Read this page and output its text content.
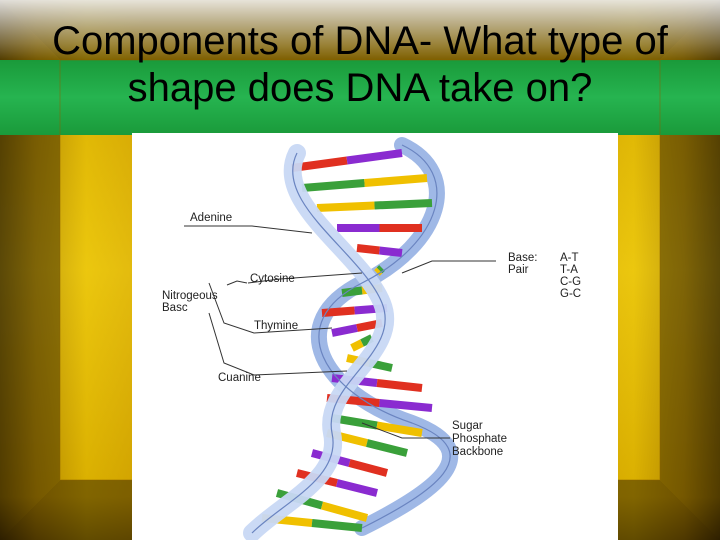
Components of DNA- What type of shape does DNA take on?
Adenine
Cytosine
Nitrogeous
Basc
Thymine
Cuanine
Base:
Pair
A-T
T-A
C-G
G-C
Sugar
Phosphate
Backbone
